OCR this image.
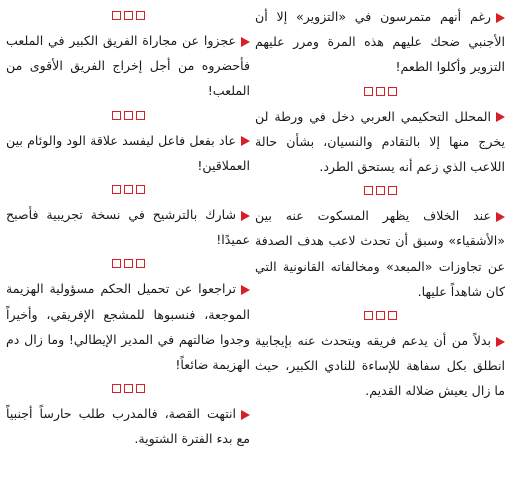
رغم أنهم متمرسون في «التزوير» إلا أن الأجنبي ضحك عليهم هذه المرة ومرر عليهم التزوير وأكلوا الطعم!

المحلل التحكيمي العربي دخل في ورطة لن يخرج منها إلا بالتقادم والنسيان، بشأن حالة اللاعب الذي زعم أنه يستحق الطرد.

عند الخلاف يظهر المسكوت عنه بين «الأشقياء» وسبق أن تحدث لاعب هدف الصدفة عن تجاوزات «المبعد» ومخالفاته القانونية التي كان شاهداً عليها.

بدلاً من أن يدعم فريقه ويتحدث عنه بإيجابية انطلق بكل سفاهة للإساءة للنادي الكبير، حيث ما زال يعيش ضلاله القديم.

عجزوا عن مجاراة الفريق الكبير في الملعب فأحضروه من أجل إخراج الفريق الأقوى من الملعب!

عاد بفعل فاعل ليفسد علاقة الود والوئام بين العملاقين!

شارك بالترشيح في نسخة تجريبية فأصبح عميدًا!

تراجعوا عن تحميل الحكم مسؤولية الهزيمة الموجعة، فنسبوها للمشجع الإفريقي، وأخيراً وجدوا ضالتهم في المدير الإيطالي! وما زال دم الهزيمة ضائعاً!

انتهت القصة، فالمدرب طلب حارساً أجنبياً مع بدء الفترة الشتوية.
